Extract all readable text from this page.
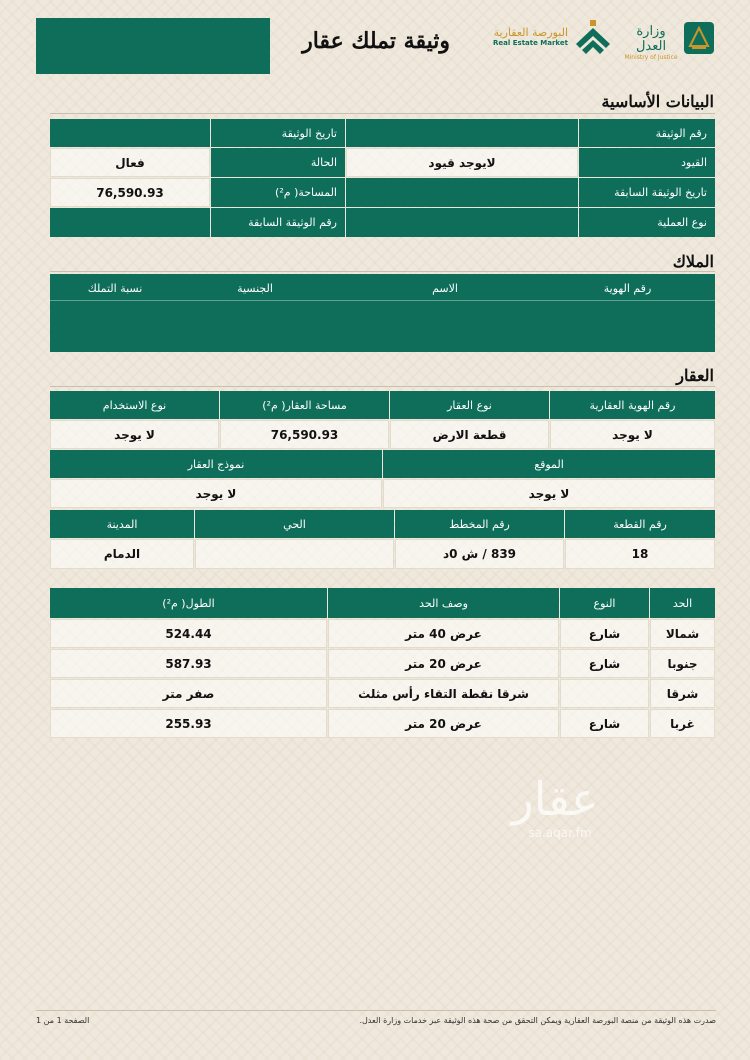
وثيقة تملك عقار	البورصة العقارية
Real Estate Market
وزارة العدل
Ministry of Justice
البيانات الأساسية
رقم الوثيقة
تاريخ الوثيقة
القيود
لايوجد قيود
الحالة
فعال
تاريخ الوثيقة السابقة
المساحة( م²)
76,590.93
نوع العملية
رقم الوثيقة السابقة
الملاك
رقم الهوية
الاسم
الجنسية
نسبة التملك
العقار
رقم الهوية العقارية
نوع العقار
مساحة العقار( م²)
نوع الاستخدام
لا يوجد
قطعة الارض
76,590.93
لا يوجد
الموقع
نموذج العقار
لا يوجد
لا يوجد
رقم القطعة
رقم المخطط
الحي
المدينة
18
839 / ش 0د
الدمام
الحد
النوع
وصف الحد
الطول( م²)
شمالا
شارع
عرض 40 متر
524.44
جنوبا
شارع
عرض 20 متر
587.93
شرقا
شرقا نقطة التقاء رأس مثلث
صفر متر
غربا
شارع
عرض 20 متر
255.93
عقار
sa.aqar.fm
صدرت هذه الوثيقة من منصة البورصة العقارية ويمكن التحقق من صحة هذه الوثيقة عبر خدمات وزارة العدل.
الصفحة 1 من 1
